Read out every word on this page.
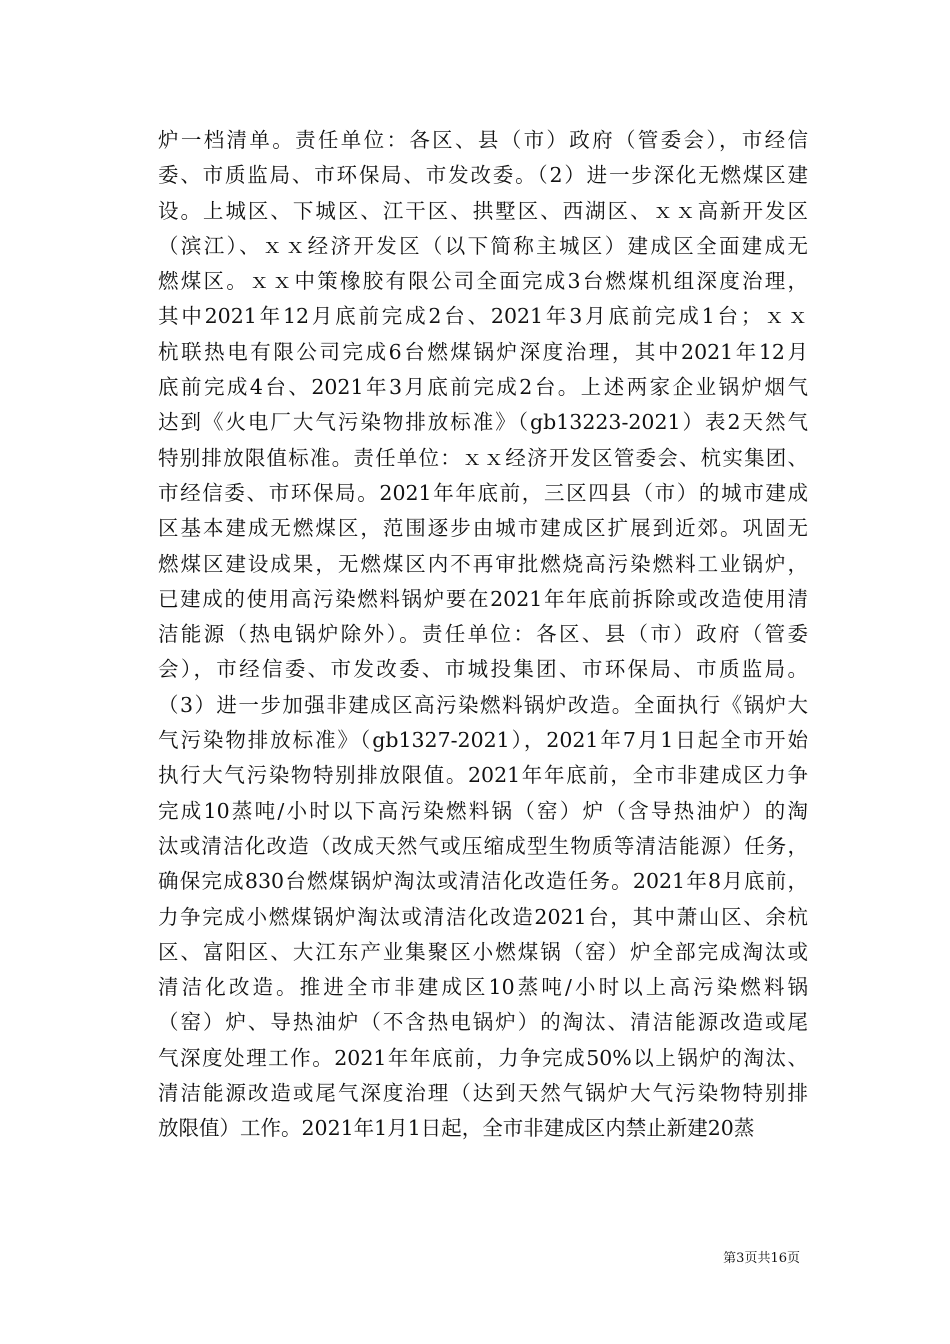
炉一档清单。责任单位：各区、县（市）政府（管委会），市经信
委、市质监局、市环保局、市发改委。（2）进一步深化无燃煤区建
设。上城区、下城区、江干区、拱墅区、西湖区、ｘｘ高新开发区
（滨江）、ｘｘ经济开发区（以下简称主城区）建成区全面建成无
燃煤区。ｘｘ中策橡胶有限公司全面完成3台燃煤机组深度治理，
其中2021年12月底前完成2台、2021年3月底前完成1台；ｘｘ
杭联热电有限公司完成6台燃煤锅炉深度治理，其中2021年12月
底前完成4台、2021年3月底前完成2台。上述两家企业锅炉烟气
达到《火电厂大气污染物排放标准》（gb13223-2021）表2天然气
特别排放限值标准。责任单位：ｘｘ经济开发区管委会、杭实集团、
市经信委、市环保局。2021年年底前，三区四县（市）的城市建成
区基本建成无燃煤区，范围逐步由城市建成区扩展到近郊。巩固无
燃煤区建设成果，无燃煤区内不再审批燃烧高污染燃料工业锅炉，
已建成的使用高污染燃料锅炉要在2021年年底前拆除或改造使用清
洁能源（热电锅炉除外）。责任单位：各区、县（市）政府（管委
会），市经信委、市发改委、市城投集团、市环保局、市质监局。
（3）进一步加强非建成区高污染燃料锅炉改造。全面执行《锅炉大
气污染物排放标准》（gb1327-2021），2021年7月1日起全市开始
执行大气污染物特别排放限值。2021年年底前，全市非建成区力争
完成10蒸吨/小时以下高污染燃料锅（窑）炉（含导热油炉）的淘
汰或清洁化改造（改成天然气或压缩成型生物质等清洁能源）任务，
确保完成830台燃煤锅炉淘汰或清洁化改造任务。2021年8月底前，
力争完成小燃煤锅炉淘汰或清洁化改造2021台，其中萧山区、余杭
区、富阳区、大江东产业集聚区小燃煤锅（窑）炉全部完成淘汰或
清洁化改造。推进全市非建成区10蒸吨/小时以上高污染燃料锅
（窑）炉、导热油炉（不含热电锅炉）的淘汰、清洁能源改造或尾
气深度处理工作。2021年年底前，力争完成50%以上锅炉的淘汰、
清洁能源改造或尾气深度治理（达到天然气锅炉大气污染物特别排
放限值）工作。2021年1月1日起，全市非建成区内禁止新建20蒸
第3页共16页
